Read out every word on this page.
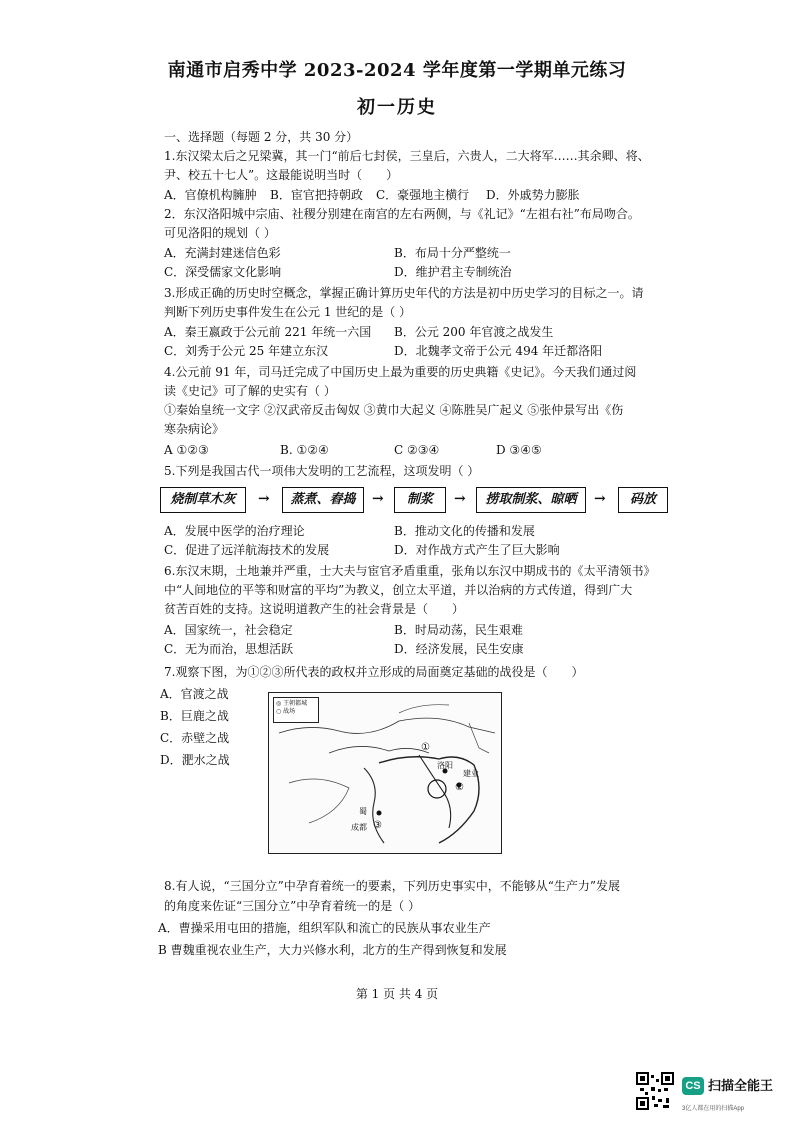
南通市启秀中学 2023-2024 学年度第一学期单元练习
初一历史
一、选择题（每题 2 分，共 30 分）
1.东汉梁太后之兄梁冀，其一门“前后七封侯，三皇后，六贵人，二大将军……其余卿、将、
尹、校五十七人”。这最能说明当时（　　）
A．官僚机构臃肿 B．宦官把持朝政 C．豪强地主横行 D．外戚势力膨胀
2．东汉洛阳城中宗庙、社稷分别建在南宫的左右两侧，与《礼记》“左祖右社”布局吻合。
可见洛阳的规划（ ）
A．充满封建迷信色彩	B．布局十分严整统一
C．深受儒家文化影响	D．维护君主专制统治
3.形成正确的历史时空概念，掌握正确计算历史年代的方法是初中历史学习的目标之一。请
判断下列历史事件发生在公元 1 世纪的是（ ）
A．秦王嬴政于公元前 221 年统一六国 B．公元 200 年官渡之战发生
C．刘秀于公元 25 年建立东汉	D．北魏孝文帝于公元 494 年迁都洛阳
4.公元前 91 年，司马迁完成了中国历史上最为重要的历史典籍《史记》。今天我们通过阅
读《史记》可了解的史实有（ ）
①秦始皇统一文字 ②汉武帝反击匈奴 ③黄巾大起义 ④陈胜吴广起义 ⑤张仲景写出《伤
寒杂病论》
A ①②③	B. ①②④	C ②③④	D ③④⑤
5.下列是我国古代一项伟大发明的工艺流程，这项发明（ ）
烧制草木灰	→	蒸煮、舂捣	→	制浆	→	捞取制浆、晾晒	→	码放
A．发展中医学的治疗理论	B．推动文化的传播和发展
C．促进了远洋航海技术的发展	D．对作战方式产生了巨大影响
6.东汉末期，土地兼并严重，士大夫与宦官矛盾重重，张角以东汉中期成书的《太平清领书》
中“人间地位的平等和财富的平均”为教义，创立太平道，并以治病的方式传道，得到广大
贫苦百姓的支持。这说明道教产生的社会背景是（　　）
A．国家统一，社会稳定	B．时局动荡，民生艰难
C．无为而治，思想活跃	D．经济发展，民生安康
7.观察下图，为①②③所代表的政权并立形成的局面奠定基础的战役是（　　）
A．官渡之战
B．巨鹿之战
C．赤壁之战
D．淝水之战
◎ 王朝都城
○ 战场
①
②
③
洛阳
建业
蜀
成都
8.有人说，“三国分立”中孕育着统一的要素，下列历史事实中，不能够从“生产力”发展
的角度来佐证“三国分立”中孕育着统一的是（ ）
A．曹操采用屯田的措施，组织军队和流亡的民族从事农业生产
B 曹魏重视农业生产，大力兴修水利，北方的生产得到恢复和发展
第 1 页 共 4 页
CS 扫描全能王
3亿人都在用的扫描App
